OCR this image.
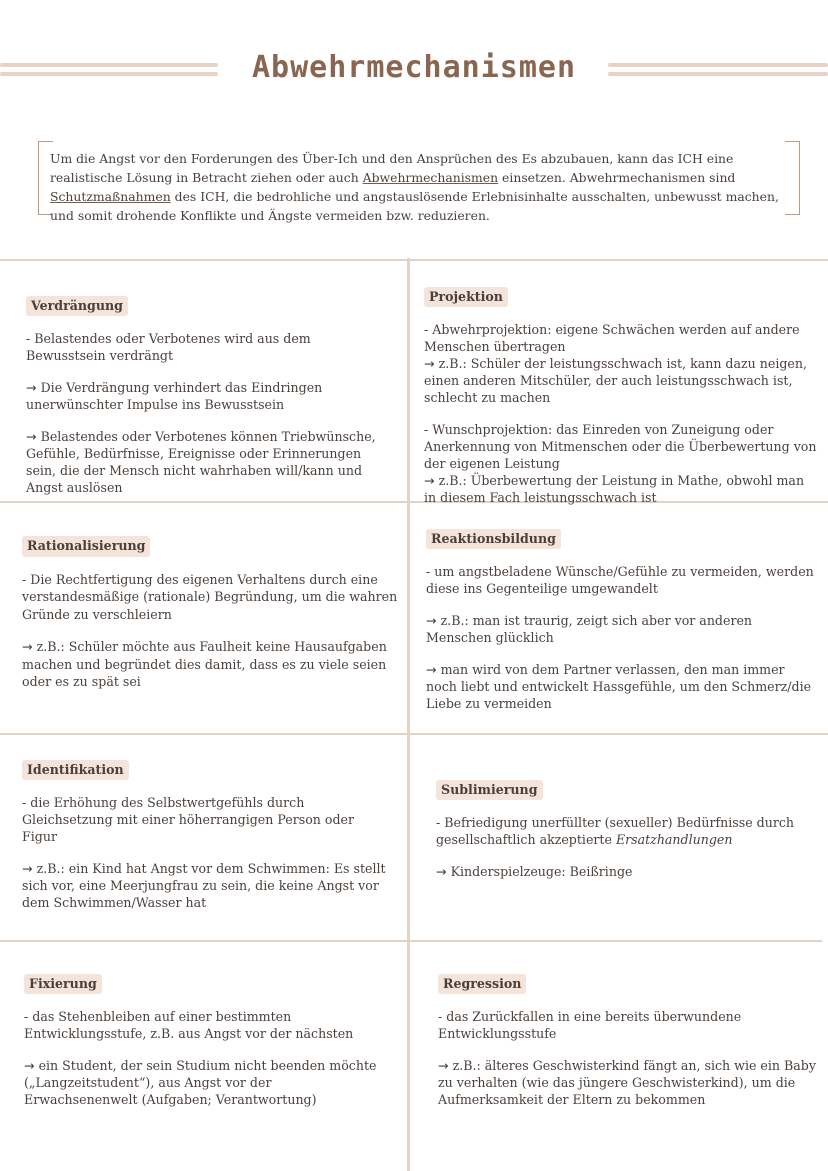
Abwehrmechanismen
Um die Angst vor den Forderungen des Über-Ich und den Ansprüchen des Es abzubauen, kann das ICH eine realistische Lösung in Betracht ziehen oder auch Abwehrmechanismen einsetzen. Abwehrmechanismen sind Schutzmaßnahmen des ICH, die bedrohliche und angstauslösende Erlebnisinhalte ausschalten, unbewusst machen, und somit drohende Konflikte und Ängste vermeiden bzw. reduzieren.
Verdrängung

- Belastendes oder Verbotenes wird aus dem Bewusstsein verdrängt

→ Die Verdrängung verhindert das Eindringen unerwünschter Impulse ins Bewusstsein

→ Belastendes oder Verbotenes können Triebwünsche, Gefühle, Bedürfnisse, Ereignisse oder Erinnerungen sein, die der Mensch nicht wahrhaben will/kann und Angst auslösen

Projektion

- Abwehrprojektion: eigene Schwächen werden auf andere Menschen übertragen
→ z.B.: Schüler der leistungsschwach ist, kann dazu neigen, einen anderen Mitschüler, der auch leistungsschwach ist, schlecht zu machen

- Wunschprojektion: das Einreden von Zuneigung oder Anerkennung von Mitmenschen oder die Überbewertung von der eigenen Leistung
→ z.B.: Überbewertung der Leistung in Mathe, obwohl man in diesem Fach leistungsschwach ist

Rationalisierung

- Die Rechtfertigung des eigenen Verhaltens durch eine verstandesmäßige (rationale) Begründung, um die wahren Gründe zu verschleiern

→ z.B.: Schüler möchte aus Faulheit keine Hausaufgaben machen und begründet dies damit, dass es zu viele seien oder es zu spät sei

Reaktionsbildung

- um angstbeladene Wünsche/Gefühle zu vermeiden, werden diese ins Gegenteilige umgewandelt

→ z.B.: man ist traurig, zeigt sich aber vor anderen Menschen glücklich

→ man wird von dem Partner verlassen, den man immer noch liebt und entwickelt Hassgefühle, um den Schmerz/die Liebe zu vermeiden

Identifikation

- die Erhöhung des Selbstwertgefühls durch Gleichsetzung mit einer höherrangigen Person oder Figur

→ z.B.: ein Kind hat Angst vor dem Schwimmen: Es stellt sich vor, eine Meerjungfrau zu sein, die keine Angst vor dem Schwimmen/Wasser hat

Sublimierung

- Befriedigung unerfüllter (sexueller) Bedürfnisse durch gesellschaftlich akzeptierte Ersatzhandlungen

→ Kinderspielzeuge: Beißringe

Fixierung

- das Stehenbleiben auf einer bestimmten Entwicklungsstufe, z.B. aus Angst vor der nächsten

→ ein Student, der sein Studium nicht beenden möchte („Langzeitstudent“), aus Angst vor der Erwachsenenwelt (Aufgaben; Verantwortung)

Regression

- das Zurückfallen in eine bereits überwundene Entwicklungsstufe

→ z.B.: älteres Geschwisterkind fängt an, sich wie ein Baby zu verhalten (wie das jüngere Geschwisterkind), um die Aufmerksamkeit der Eltern zu bekommen
